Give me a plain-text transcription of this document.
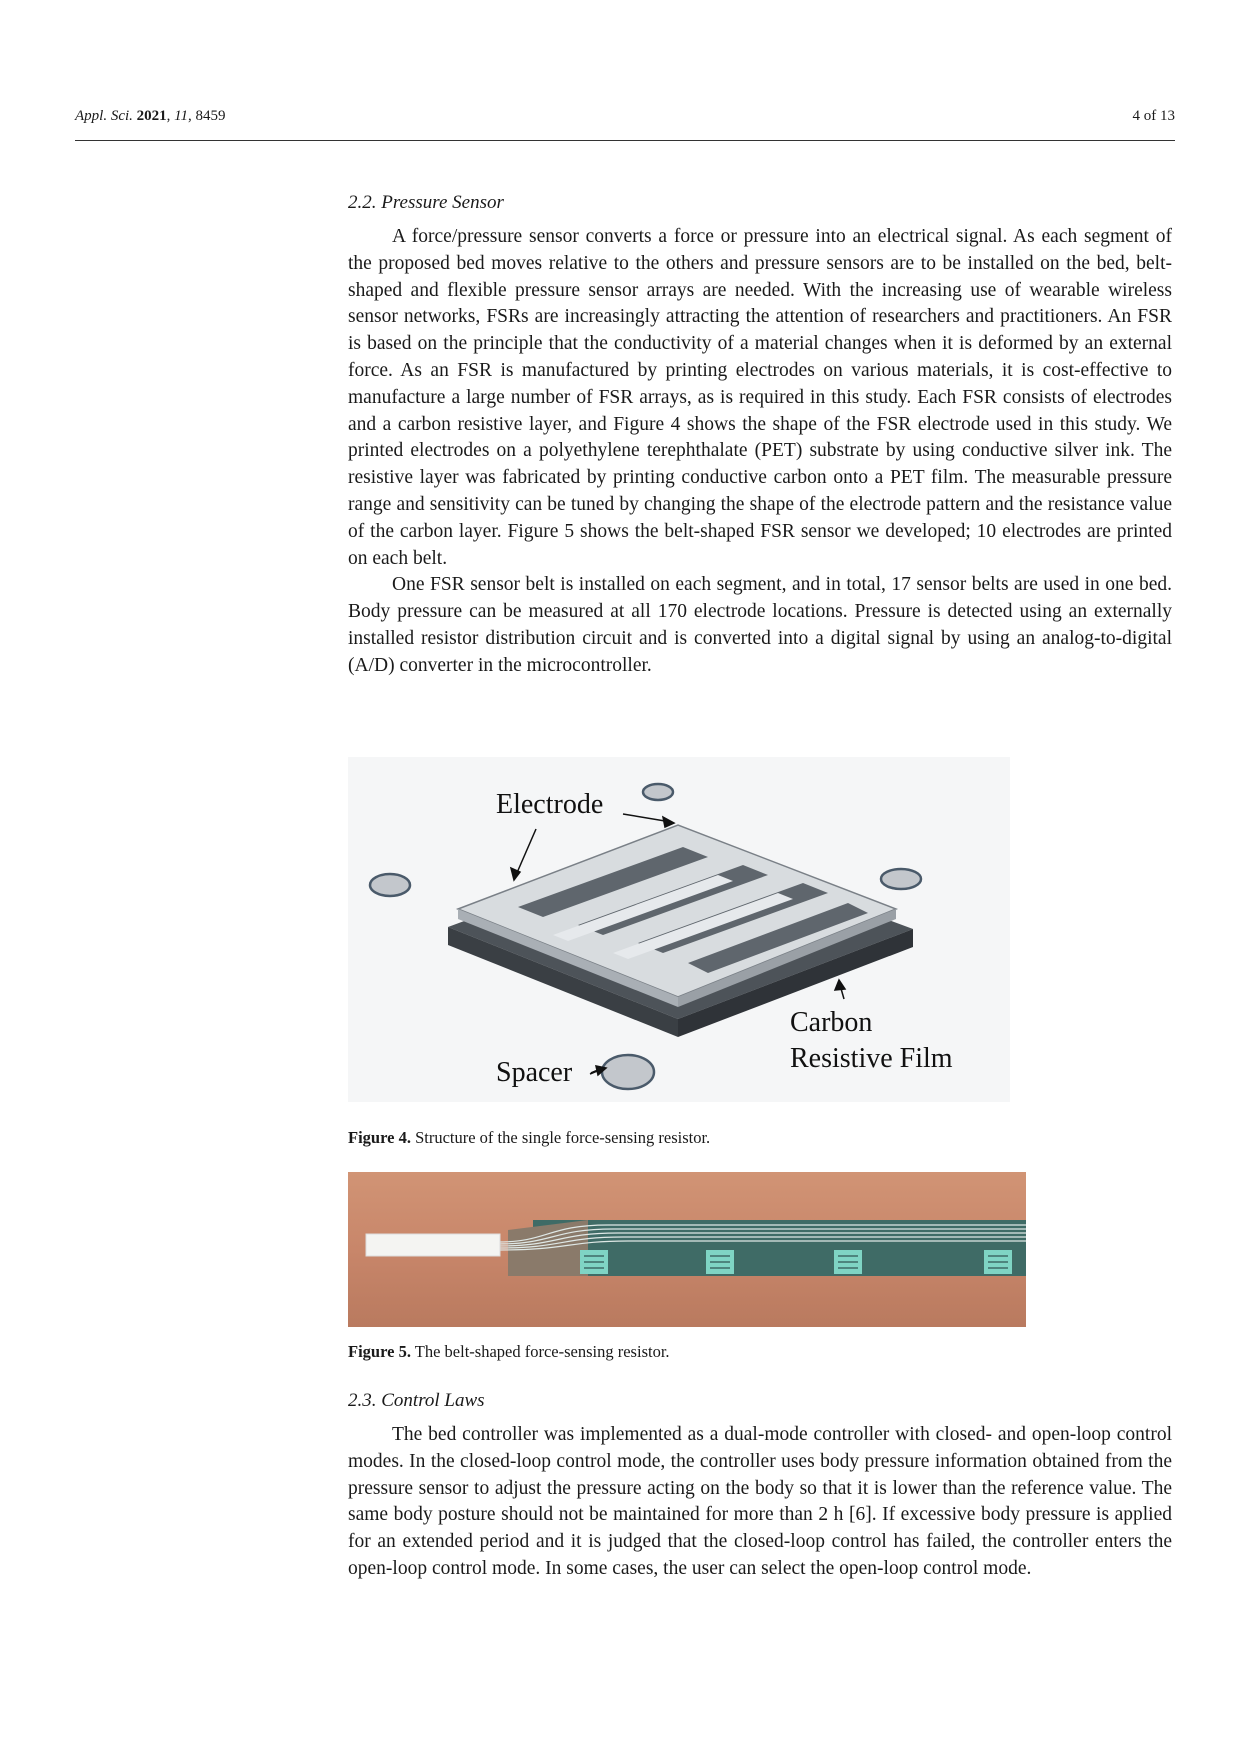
Appl. Sci. 2021, 11, 8459	4 of 13

2.2. Pressure Sensor

A force/pressure sensor converts a force or pressure into an electrical signal. As each segment of the proposed bed moves relative to the others and pressure sensors are to be installed on the bed, belt-shaped and flexible pressure sensor arrays are needed. With the increasing use of wearable wireless sensor networks, FSRs are increasingly attracting the attention of researchers and practitioners. An FSR is based on the principle that the conductivity of a material changes when it is deformed by an external force. As an FSR is manufactured by printing electrodes on various materials, it is cost-effective to manufacture a large number of FSR arrays, as is required in this study. Each FSR consists of electrodes and a carbon resistive layer, and Figure 4 shows the shape of the FSR electrode used in this study. We printed electrodes on a polyethylene terephthalate (PET) substrate by using conductive silver ink. The resistive layer was fabricated by printing conductive carbon onto a PET film. The measurable pressure range and sensitivity can be tuned by changing the shape of the electrode pattern and the resistance value of the carbon layer. Figure 5 shows the belt-shaped FSR sensor we developed; 10 electrodes are printed on each belt.

One FSR sensor belt is installed on each segment, and in total, 17 sensor belts are used in one bed. Body pressure can be measured at all 170 electrode locations. Pressure is detected using an externally installed resistor distribution circuit and is converted into a digital signal by using an analog-to-digital (A/D) converter in the microcontroller.

Electrode
Carbon
Resistive Film
Spacer

Figure 4. Structure of the single force-sensing resistor.

Figure 5. The belt-shaped force-sensing resistor.

2.3. Control Laws

The bed controller was implemented as a dual-mode controller with closed- and open-loop control modes. In the closed-loop control mode, the controller uses body pressure information obtained from the pressure sensor to adjust the pressure acting on the body so that it is lower than the reference value. The same body posture should not be maintained for more than 2 h [6]. If excessive body pressure is applied for an extended period and it is judged that the closed-loop control has failed, the controller enters the open-loop control mode. In some cases, the user can select the open-loop control mode.
